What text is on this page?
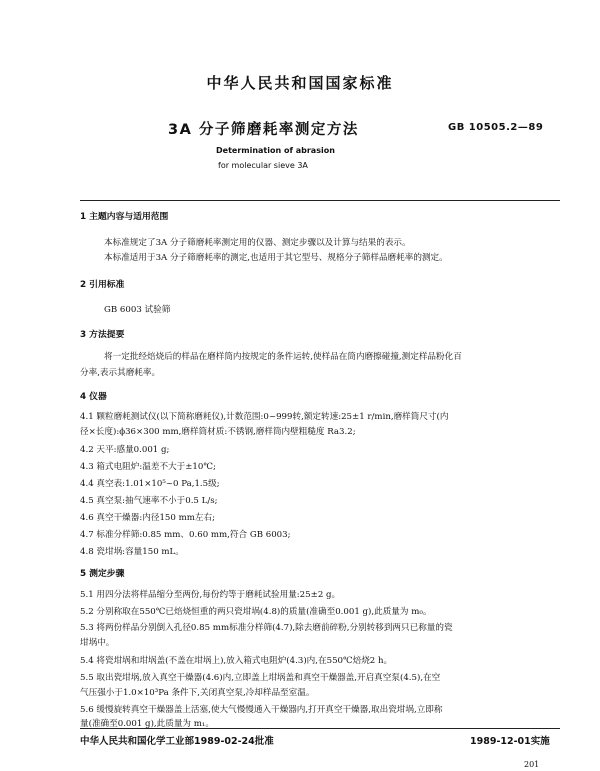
中华人民共和国国家标准
3A 分子筛磨耗率测定方法	GB 10505.2—89
Determination of abrasion
for molecular sieve 3A
1 主题内容与适用范围
本标准规定了3A 分子筛磨耗率测定用的仪器、测定步骤以及计算与结果的表示。
本标准适用于3A 分子筛磨耗率的测定,也适用于其它型号、规格分子筛样品磨耗率的测定。
2 引用标准
GB 6003 试验筛
3 方法提要
将一定批经焙烧后的样品在磨样筒内按规定的条件运转,使样品在筒内磨擦碰撞,测定样品粉化百
分率,表示其磨耗率。
4 仪器
4.1 颗粒磨耗测试仪(以下简称磨耗仪),计数范围:0~999转,额定转速:25±1 r/min,磨样筒尺寸(内
径×长度):ϕ36×300 mm,磨样筒材质:不锈钢,磨样筒内壁粗糙度 Ra3.2;
4.2 天平:感量0.001 g;
4.3 箱式电阻炉:温差不大于±10℃;
4.4 真空表:1.01×10⁵~0 Pa,1.5级;
4.5 真空泵:抽气速率不小于0.5 L/s;
4.6 真空干燥器:内径150 mm左右;
4.7 标准分样筛:0.85 mm、0.60 mm,符合 GB 6003;
4.8 瓷坩埚:容量150 mL。
5 测定步骤
5.1 用四分法将样品缩分至两份,每份约等于磨耗试验用量:25±2 g。
5.2 分别称取在550℃已焙烧恒重的两只瓷坩埚(4.8)的质量(准确至0.001 g),此质量为 m₀。
5.3 将两份样品分别倒入孔径0.85 mm标准分样筛(4.7),除去磨前碎粉,分别转移到两只已称量的瓷
坩埚中。
5.4 将瓷坩埚和坩埚盖(不盖在坩埚上),放入箱式电阻炉(4.3)内,在550℃焙烧2 h。
5.5 取出瓷坩埚,放入真空干燥器(4.6)内,立即盖上坩埚盖和真空干燥器盖,开启真空泵(4.5),在空
气压强小于1.0×10³Pa 条件下,关闭真空泵,冷却样品至室温。
5.6 缓慢旋转真空干燥器盖上活塞,使大气慢慢通入干燥器内,打开真空干燥器,取出瓷坩埚,立即称
量(准确至0.001 g),此质量为 m₁。
中华人民共和国化学工业部1989-02-24批准	1989-12-01实施
201
